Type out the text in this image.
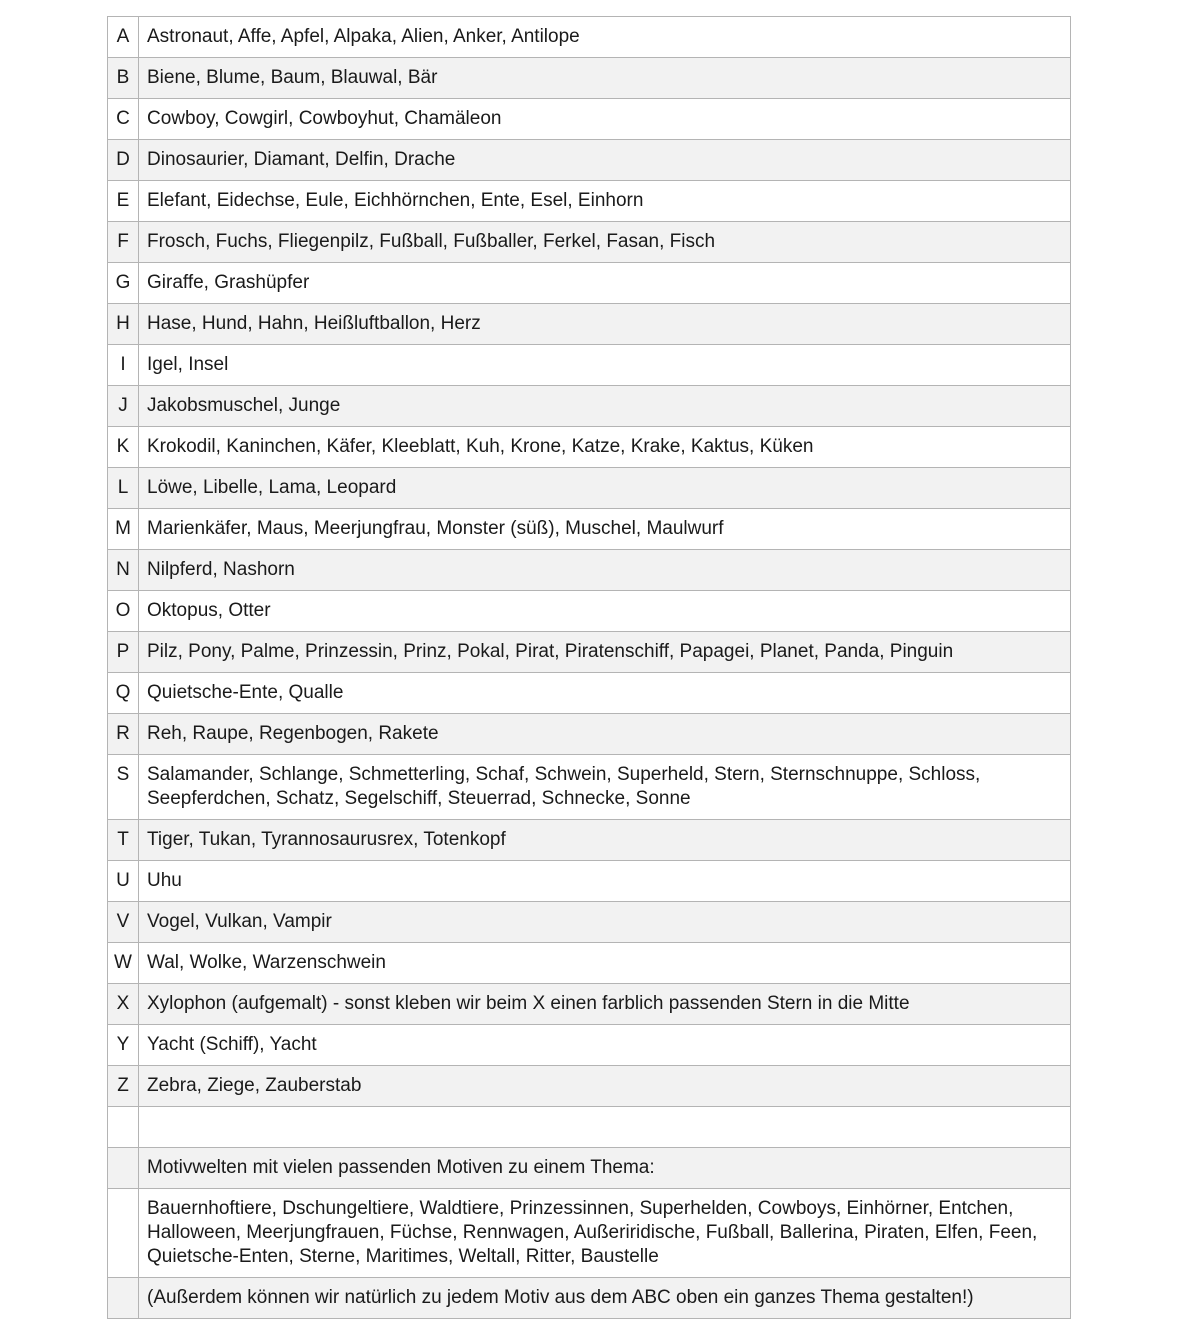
A	Astronaut, Affe, Apfel, Alpaka, Alien, Anker, Antilope
B	Biene, Blume, Baum, Blauwal, Bär
C	Cowboy, Cowgirl, Cowboyhut, Chamäleon
D	Dinosaurier, Diamant, Delfin, Drache
E	Elefant, Eidechse, Eule, Eichhörnchen, Ente, Esel, Einhorn
F	Frosch, Fuchs, Fliegenpilz, Fußball, Fußballer, Ferkel, Fasan, Fisch
G	Giraffe, Grashüpfer
H	Hase, Hund, Hahn, Heißluftballon, Herz
I	Igel, Insel
J	Jakobsmuschel, Junge
K	Krokodil, Kaninchen, Käfer, Kleeblatt, Kuh, Krone, Katze, Krake, Kaktus, Küken
L	Löwe, Libelle, Lama, Leopard
M	Marienkäfer, Maus, Meerjungfrau, Monster (süß), Muschel, Maulwurf
N	Nilpferd, Nashorn
O	Oktopus, Otter
P	Pilz, Pony, Palme, Prinzessin, Prinz, Pokal, Pirat, Piratenschiff, Papagei, Planet, Panda, Pinguin
Q	Quietsche-Ente, Qualle
R	Reh, Raupe, Regenbogen, Rakete
S	Salamander, Schlange, Schmetterling, Schaf, Schwein, Superheld, Stern, Sternschnuppe, Schloss, Seepferdchen, Schatz, Segelschiff, Steuerrad, Schnecke, Sonne
T	Tiger, Tukan, Tyrannosaurusrex, Totenkopf
U	Uhu
V	Vogel, Vulkan, Vampir
W	Wal, Wolke, Warzenschwein
X	Xylophon (aufgemalt) - sonst kleben wir beim X einen farblich passenden Stern in die Mitte
Y	Yacht (Schiff), Yacht
Z	Zebra, Ziege, Zauberstab

	Motivwelten mit vielen passenden Motiven zu einem Thema:
	Bauernhoftiere, Dschungeltiere, Waldtiere, Prinzessinnen, Superhelden, Cowboys, Einhörner, Entchen, Halloween, Meerjungfrauen, Füchse, Rennwagen, Außeriridische, Fußball, Ballerina, Piraten, Elfen, Feen, Quietsche-Enten, Sterne, Maritimes, Weltall, Ritter, Baustelle
	(Außerdem können wir natürlich zu jedem Motiv aus dem ABC oben ein ganzes Thema gestalten!)
